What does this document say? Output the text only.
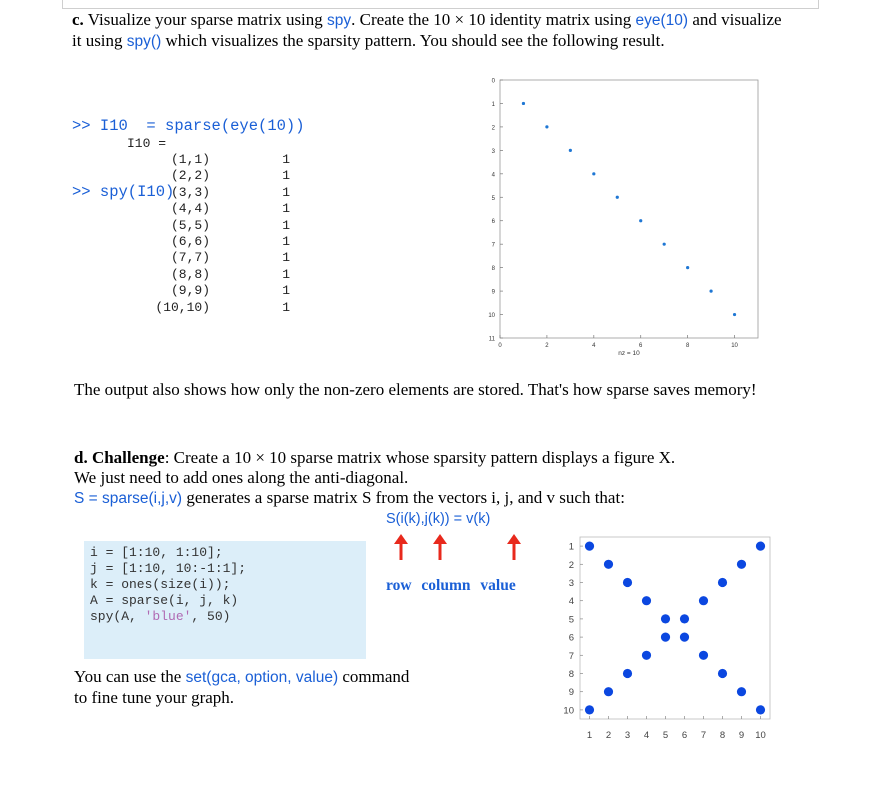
c. Visualize your sparse matrix using spy. Create the 10 × 10 identity matrix using eye(10) and visualize
it using spy() which visualizes the sparsity pattern. You should see the following result.

>> I10  = sparse(eye(10))

>> spy(I10)

I10 =
(1,1)	1
(2,2)	1
(3,3)	1
(4,4)	1
(5,5)	1
(6,6)	1
(7,7)	1
(8,8)	1
(9,9)	1
(10,10)	1
0
1
2
3
4
5
6
7
8
9
10
11
0	2	4	6	8	10
nz = 10
The output also shows how only the non-zero elements are stored. That's how sparse saves memory!
d. Challenge: Create a 10 × 10 sparse matrix whose sparsity pattern displays a figure X.
We just need to add ones along the anti-diagonal.
S = sparse(i,j,v) generates a sparse matrix S from the vectors i, j, and v such that:
S(i(k),j(k)) = v(k)
row column value
i = [1:10, 1:10];
j = [1:10, 10:-1:1];
k = ones(size(i));
A = sparse(i, j, k)
spy(A, 'blue', 50)
You can use the set(gca, option, value) command
to fine tune your graph.
1
2
3
4
5
6
7
8
9
10
1 2 3 4 5 6 7 8 9 10
